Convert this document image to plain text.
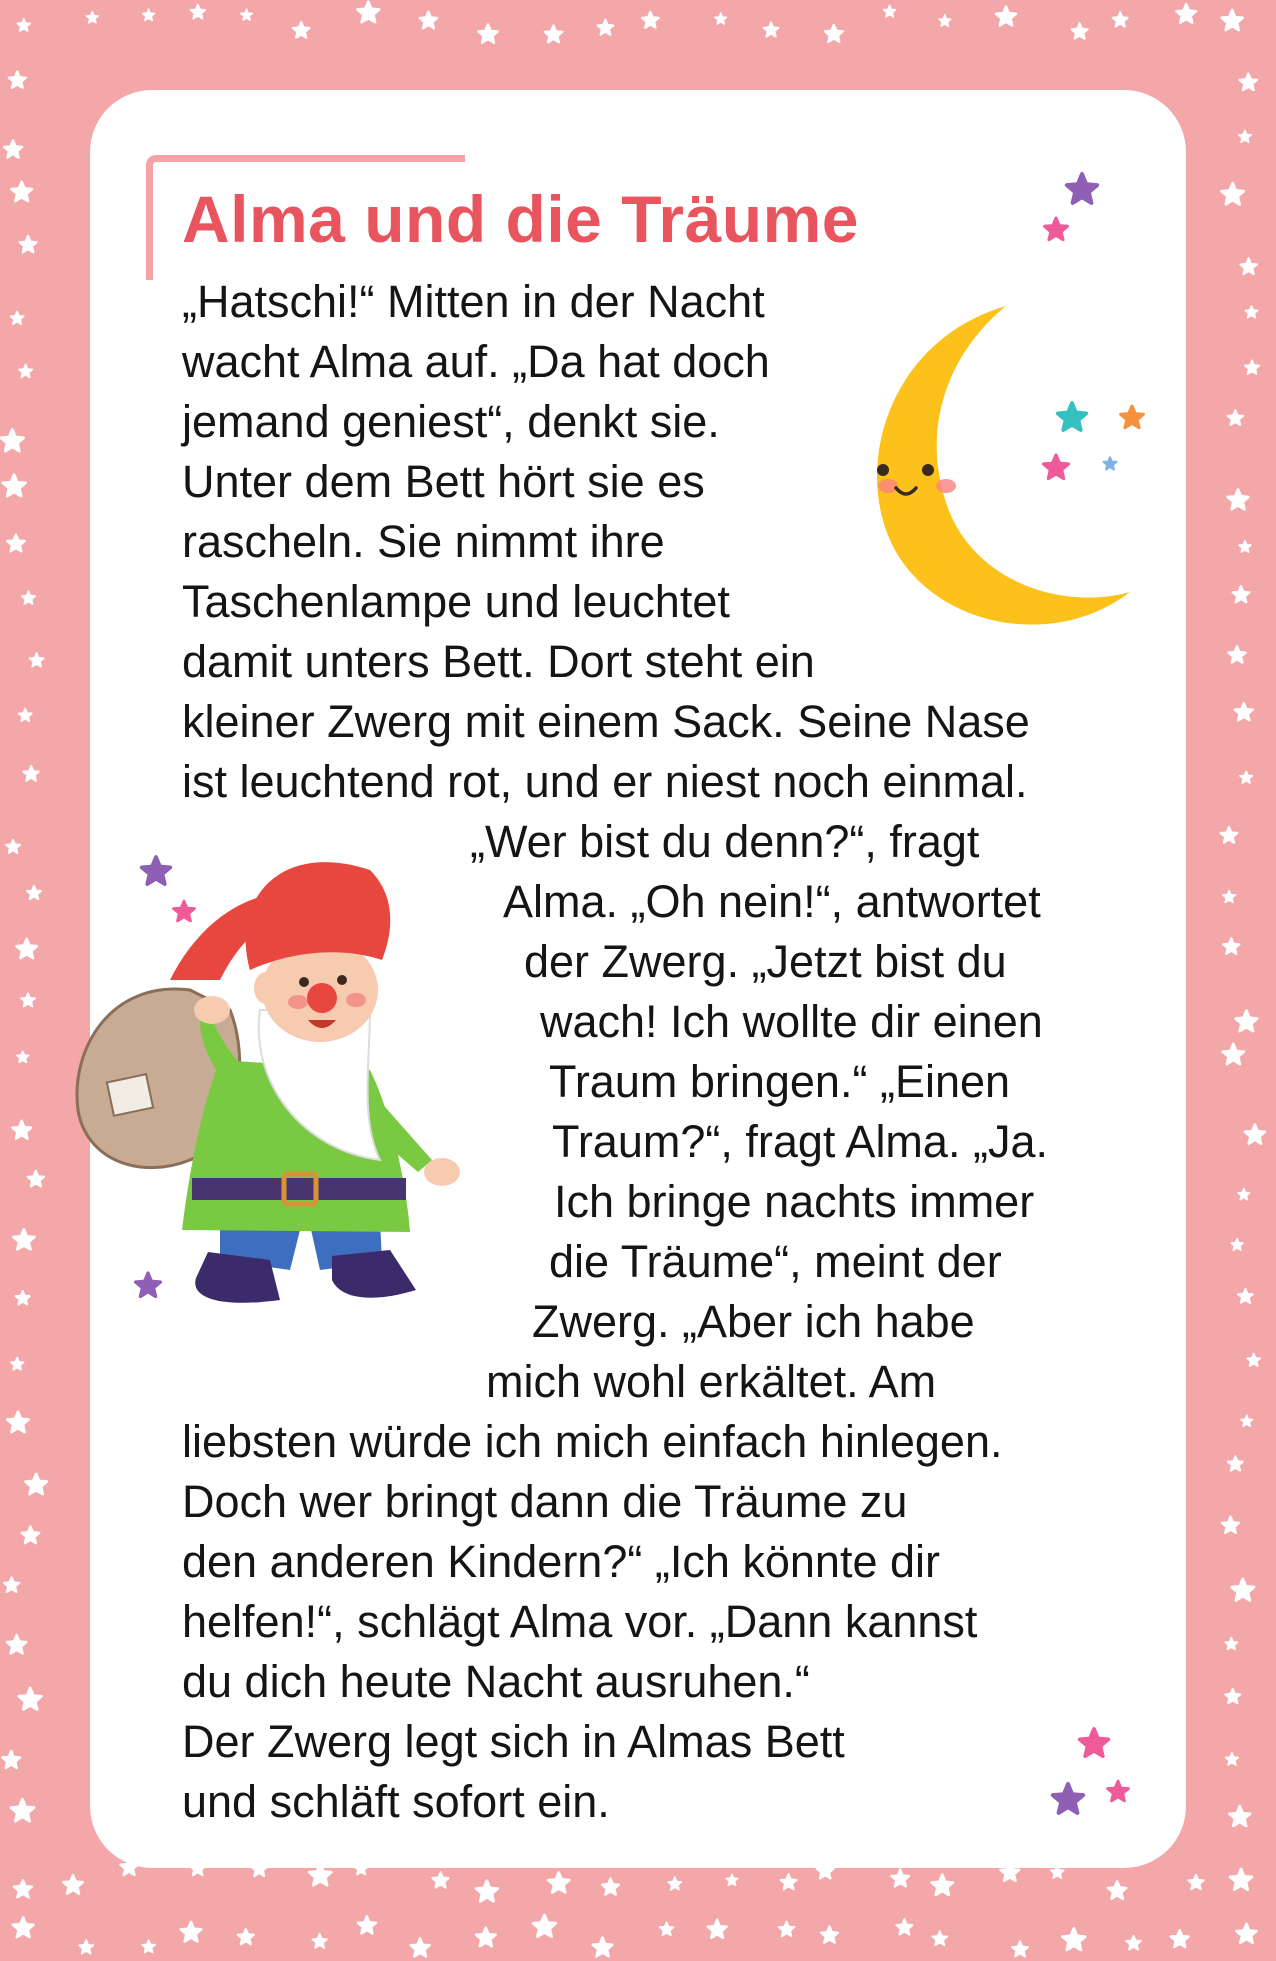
Alma und die Träume
„Hatschi!“ Mitten in der Nacht
wacht Alma auf. „Da hat doch
jemand geniest“, denkt sie.
Unter dem Bett hört sie es
rascheln. Sie nimmt ihre
Taschenlampe und leuchtet
damit unters Bett. Dort steht ein
kleiner Zwerg mit einem Sack. Seine Nase
ist leuchtend rot, und er niest noch einmal.
„Wer bist du denn?“, fragt
Alma. „Oh nein!“, antwortet
der Zwerg. „Jetzt bist du
wach! Ich wollte dir einen
Traum bringen.“ „Einen
Traum?“, fragt Alma. „Ja.
Ich bringe nachts immer
die Träume“, meint der
Zwerg. „Aber ich habe
mich wohl erkältet. Am
liebsten würde ich mich einfach hinlegen.
Doch wer bringt dann die Träume zu
den anderen Kindern?“ „Ich könnte dir
helfen!“, schlägt Alma vor. „Dann kannst
du dich heute Nacht ausruhen.“
Der Zwerg legt sich in Almas Bett
und schläft sofort ein.
